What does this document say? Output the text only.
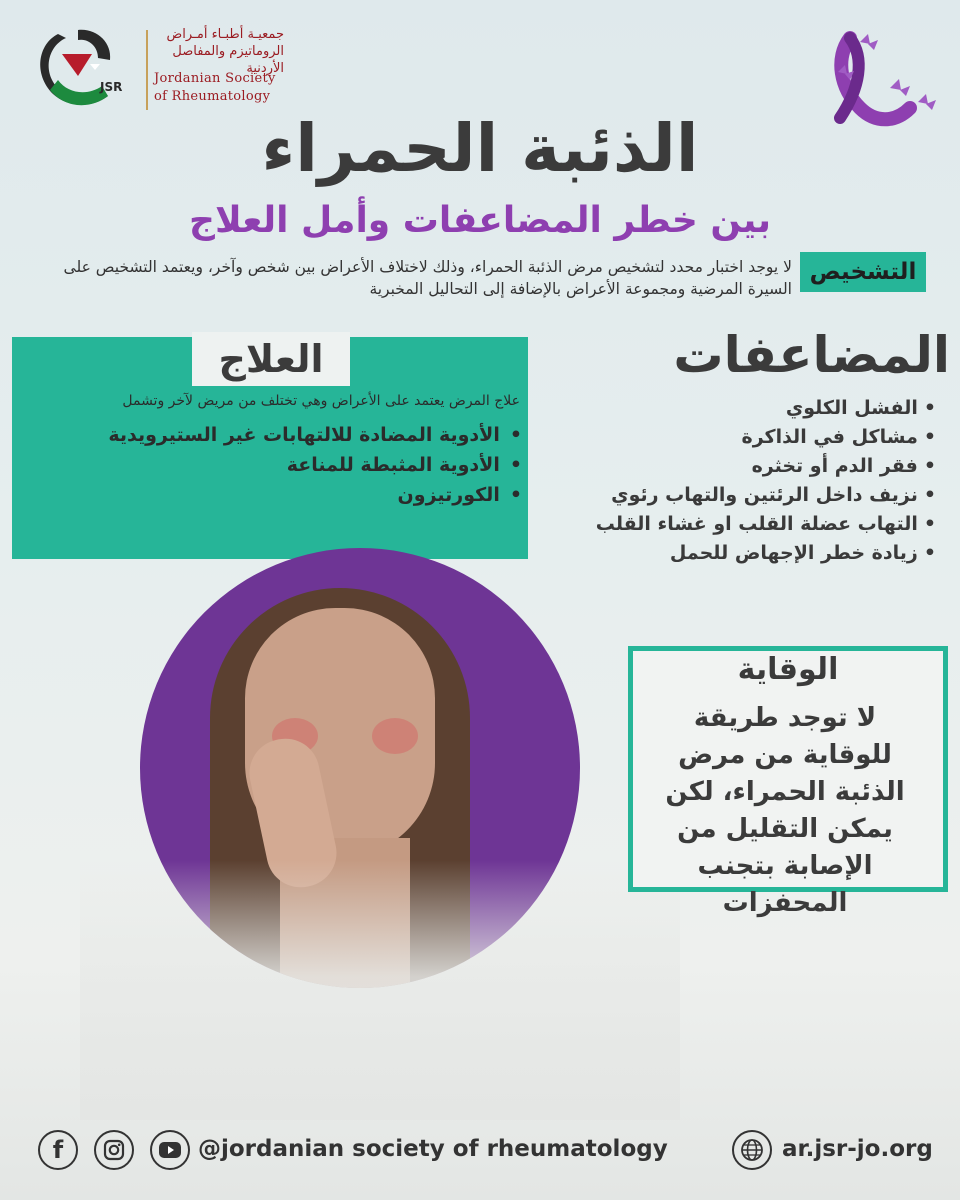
JSR
جمعيـة أطبـاء أمـراض
الروماتيزم والمفاصل الأردنية
Jordanian Society
of Rheumatology
الذئبة الحمراء
بين خطر المضاعفات وأمل العلاج
التشخيص
لا يوجد اختبار محدد لتشخيص مرض الذئبة الحمراء، وذلك لاختلاف الأعراض بين شخص وآخر، ويعتمد التشخيص على السيرة المرضية ومجموعة الأعراض بالإضافة إلى التحاليل المخبرية
العلاج
علاج المرض يعتمد على الأعراض وهي تختلف من مريض لآخر وتشمل
• الأدوية المضادة للالتهابات غير الستيرويدية
• الأدوية المثبطة للمناعة
• الكورتيزون
المضاعفات
• الفشل الكلوي
• مشاكل في الذاكرة
• فقر الدم أو تخثره
• نزيف داخل الرئتين والتهاب رئوي
• التهاب عضلة القلب او غشاء القلب
• زيادة خطر الإجهاض للحمل
الوقاية
لا توجد طريقة للوقاية من مرض الذئبة الحمراء، لكن يمكن التقليل من الإصابة بتجنب المحفزات
f	@jordanian society of rheumatology	ar.jsr-jo.org
